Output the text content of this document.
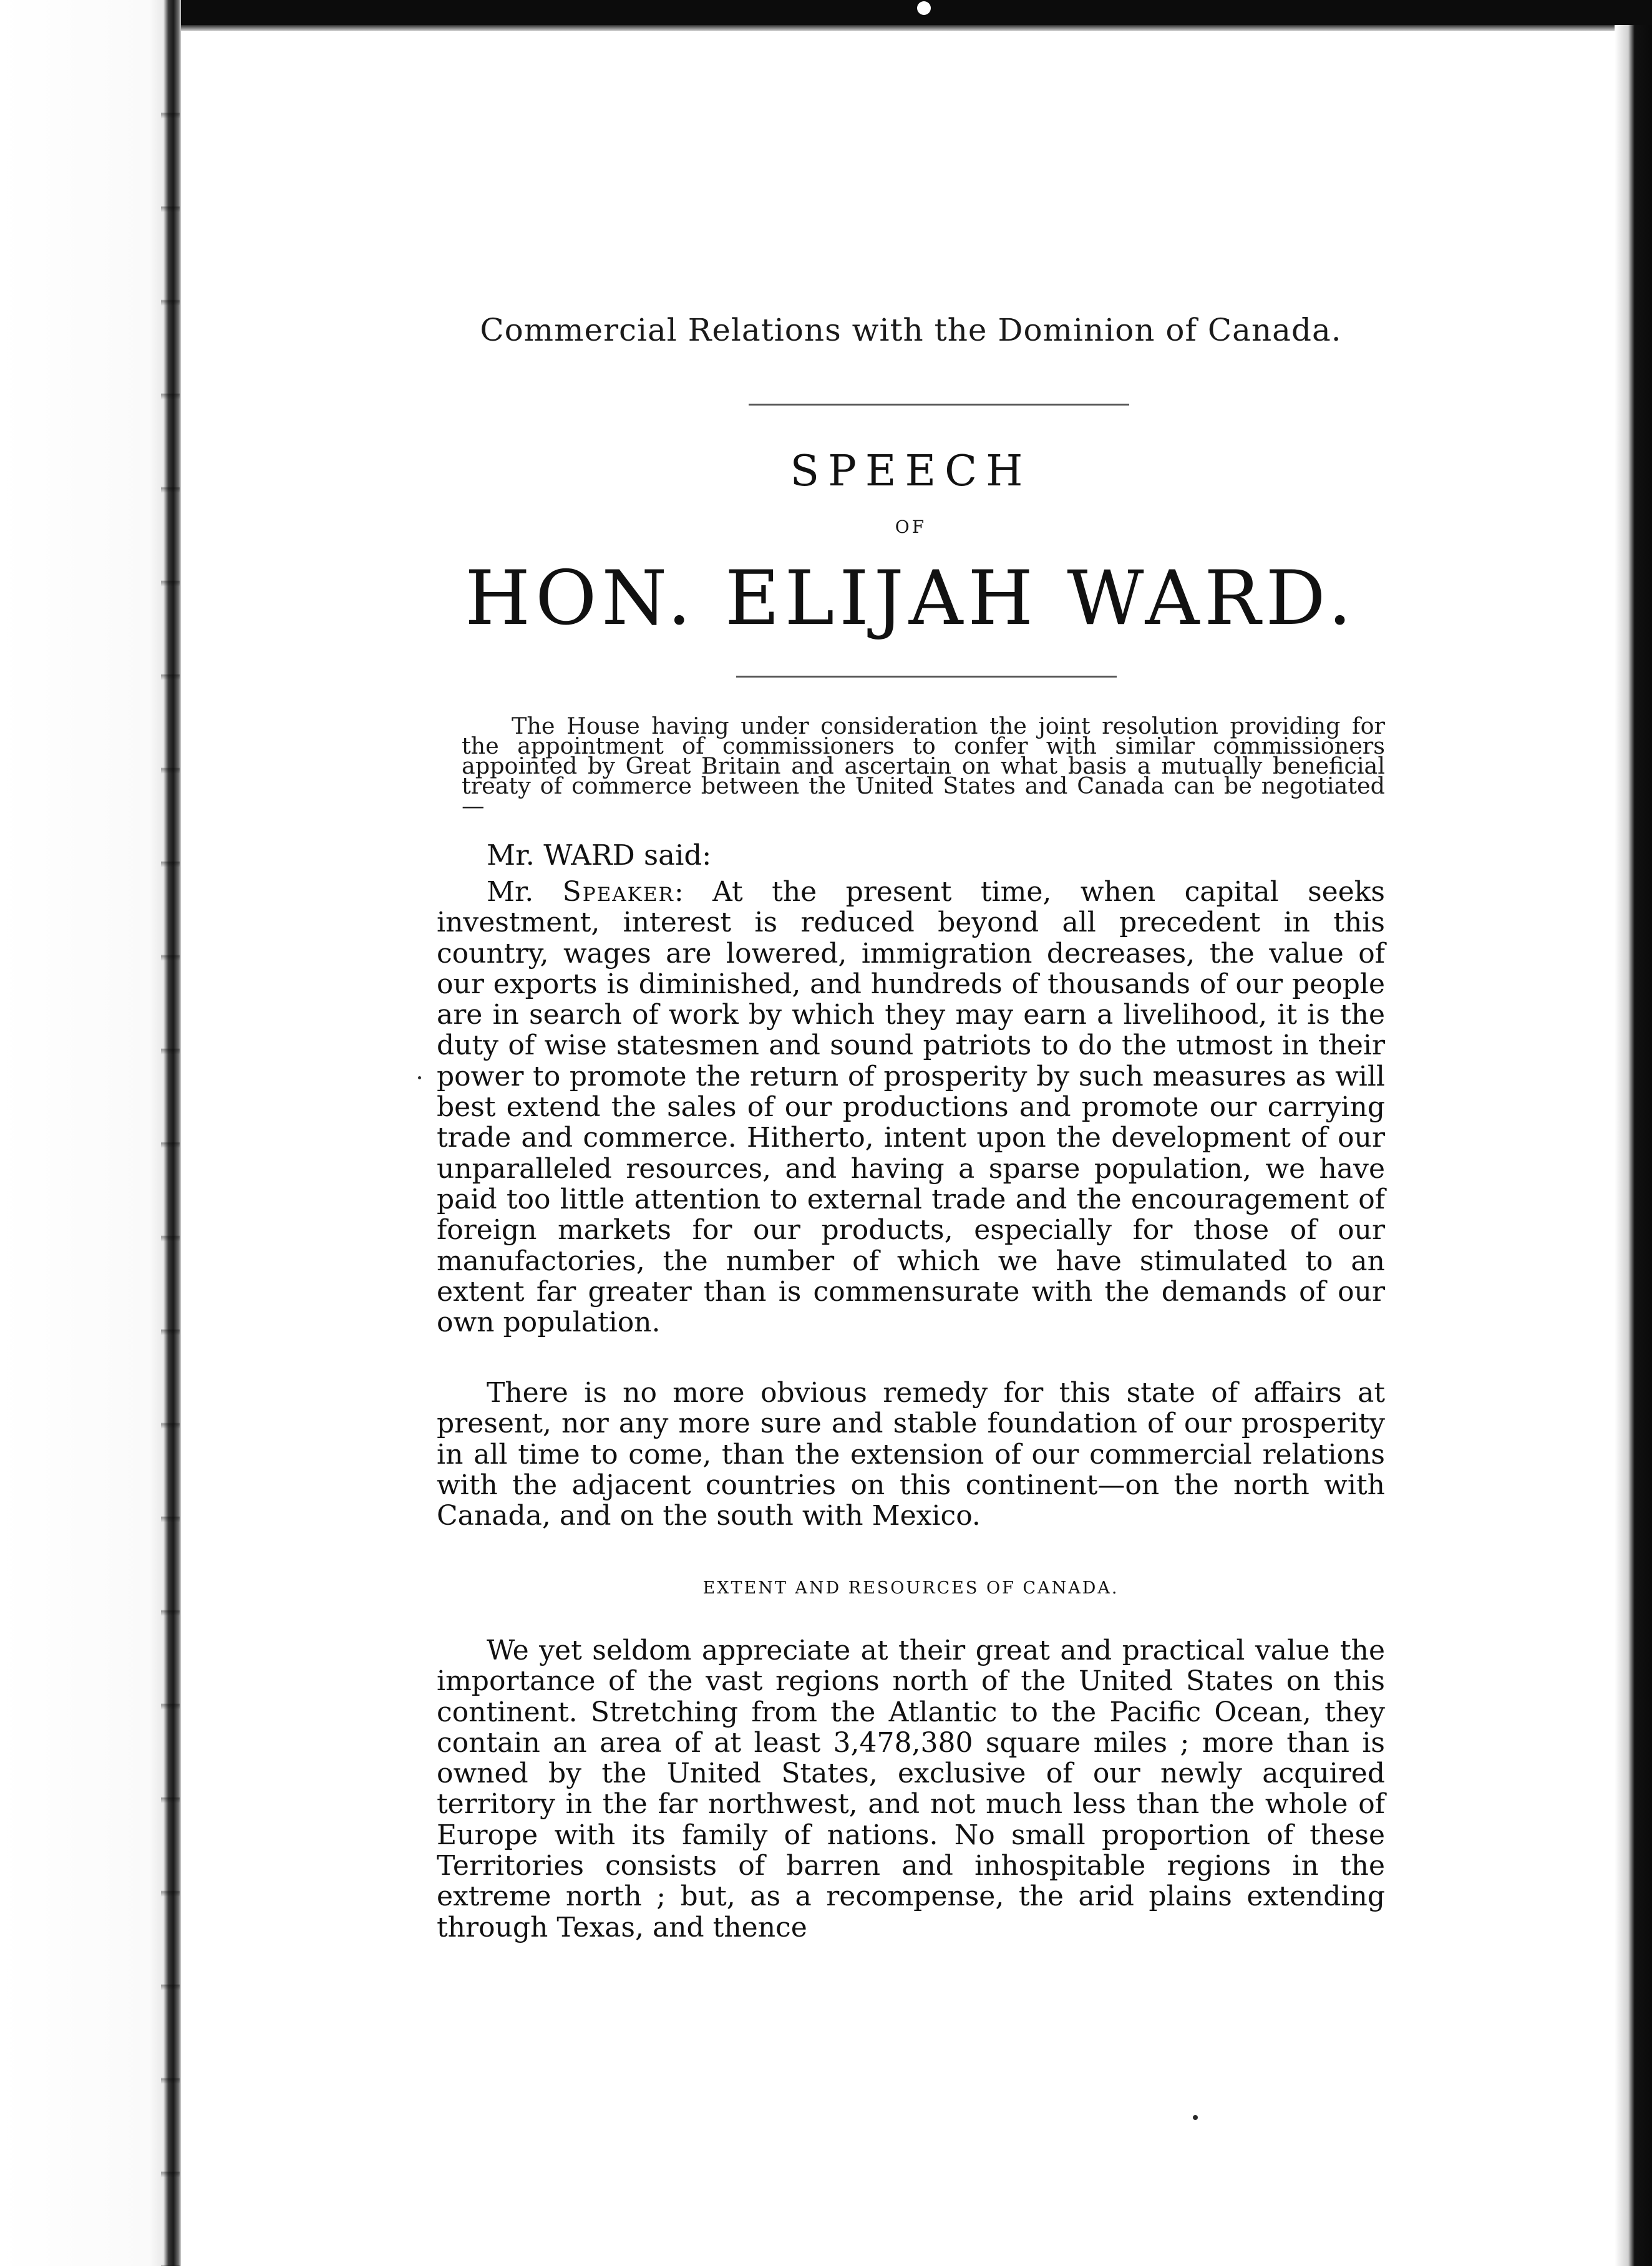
Commercial Relations with the Dominion of Canada.
SPEECH
OF
HON. ELIJAH WARD.
The House having under consideration the joint resolution providing for the appointment of commissioners to confer with similar commissioners appointed by Great Britain and ascertain on what basis a mutually beneficial treaty of commerce between the United States and Canada can be negotiated—
Mr. WARD said:
Mr. Speaker: At the present time, when capital seeks investment, interest is reduced beyond all precedent in this country, wages are lowered, immigration decreases, the value of our exports is diminished, and hundreds of thousands of our people are in search of work by which they may earn a livelihood, it is the duty of wise statesmen and sound patriots to do the utmost in their power to promote the return of prosperity by such measures as will best extend the sales of our productions and promote our carrying trade and commerce. Hitherto, intent upon the development of our unparalleled resources, and having a sparse population, we have paid too little attention to external trade and the encouragement of foreign markets for our products, especially for those of our manufactories, the number of which we have stimulated to an extent far greater than is commensurate with the demands of our own population.
There is no more obvious remedy for this state of affairs at present, nor any more sure and stable foundation of our prosperity in all time to come, than the extension of our commercial relations with the adjacent countries on this continent—on the north with Canada, and on the south with Mexico.
EXTENT AND RESOURCES OF CANADA.
We yet seldom appreciate at their great and practical value the importance of the vast regions north of the United States on this continent. Stretching from the Atlantic to the Pacific Ocean, they contain an area of at least 3,478,380 square miles ; more than is owned by the United States, exclusive of our newly acquired territory in the far northwest, and not much less than the whole of Europe with its family of nations. No small proportion of these Territories consists of barren and inhospitable regions in the extreme north ; but, as a recompense, the arid plains extending through Texas, and thence
